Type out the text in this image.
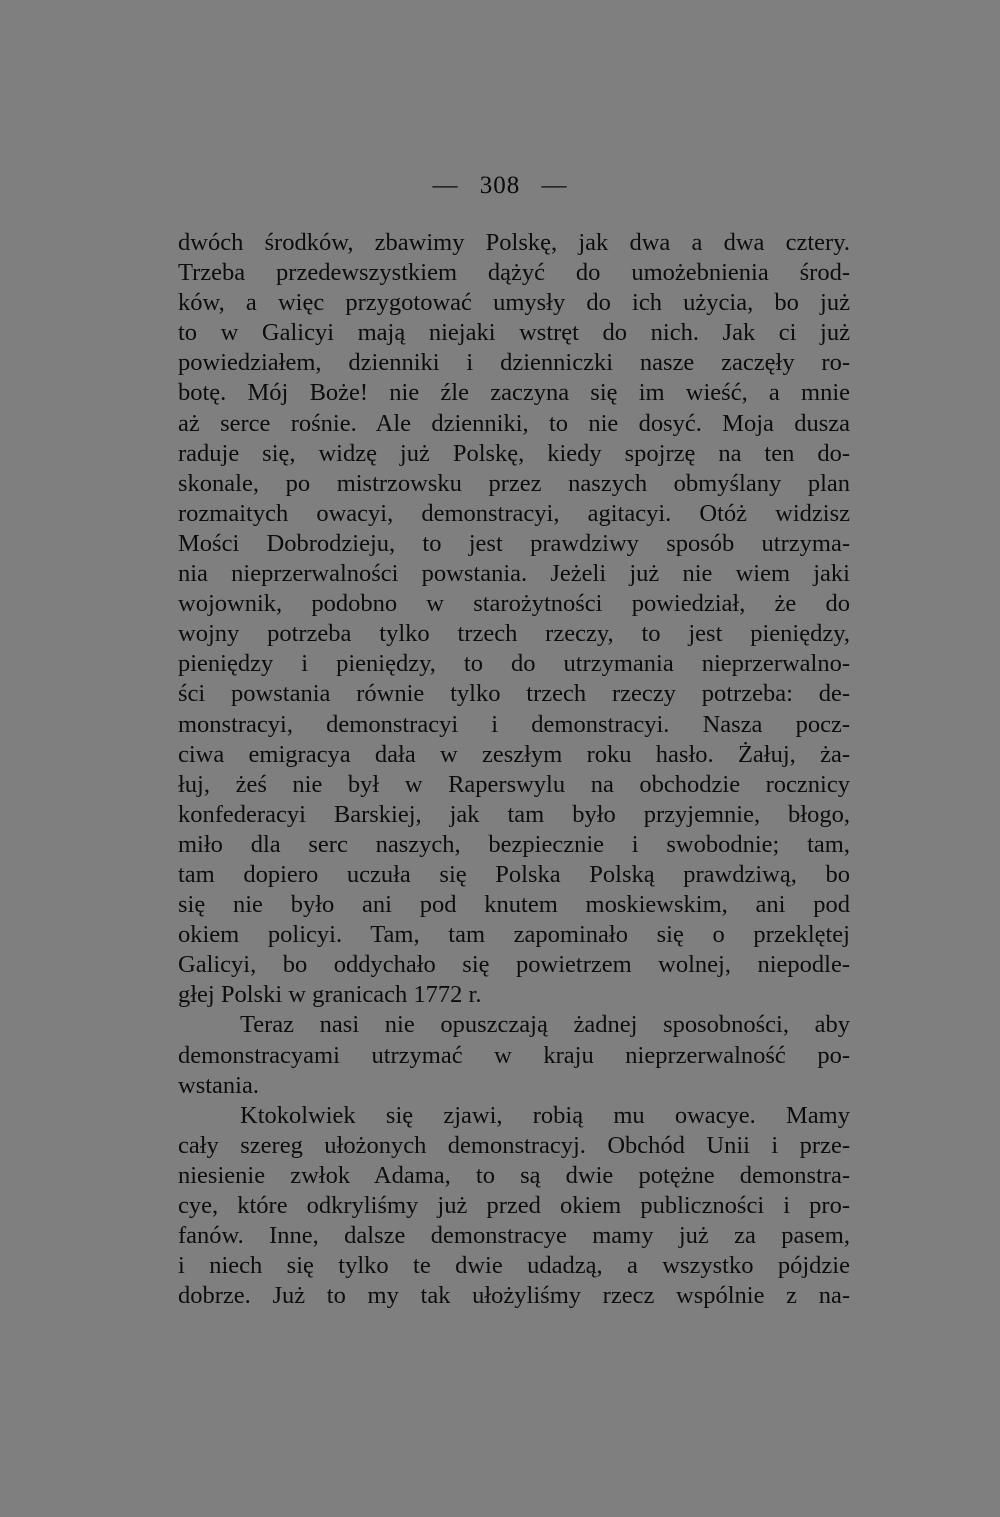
— 308 —
dwóch środków, zbawimy Polskę, jak dwa a dwa cztery.
Trzeba przedewszystkiem dążyć do umożebnienia środ-
ków, a więc przygotować umysły do ich użycia, bo już
to w Galicyi mają niejaki wstręt do nich. Jak ci już
powiedziałem, dzienniki i dzienniczki nasze zaczęły ro-
botę. Mój Boże! nie źle zaczyna się im wieść, a mnie
aż serce rośnie. Ale dzienniki, to nie dosyć. Moja dusza
raduje się, widzę już Polskę, kiedy spojrzę na ten do-
skonale, po mistrzowsku przez naszych obmyślany plan
rozmaitych owacyi, demonstracyi, agitacyi. Otóż widzisz
Mości Dobrodzieju, to jest prawdziwy sposób utrzyma-
nia nieprzerwalności powstania. Jeżeli już nie wiem jaki
wojownik, podobno w starożytności powiedział, że do
wojny potrzeba tylko trzech rzeczy, to jest pieniędzy,
pieniędzy i pieniędzy, to do utrzymania nieprzerwalno-
ści powstania równie tylko trzech rzeczy potrzeba: de-
monstracyi, demonstracyi i demonstracyi. Nasza pocz-
ciwa emigracya dała w zeszłym roku hasło. Żałuj, ża-
łuj, żeś nie był w Raperswylu na obchodzie rocznicy
konfederacyi Barskiej, jak tam było przyjemnie, błogo,
miło dla serc naszych, bezpiecznie i swobodnie; tam,
tam dopiero uczuła się Polska Polską prawdziwą, bo
się nie było ani pod knutem moskiewskim, ani pod
okiem policyi. Tam, tam zapominało się o przeklętej
Galicyi, bo oddychało się powietrzem wolnej, niepodle-
głej Polski w granicach 1772 r.
Teraz nasi nie opuszczają żadnej sposobności, aby
demonstracyami utrzymać w kraju nieprzerwalność po-
wstania.
Ktokolwiek się zjawi, robią mu owacye. Mamy
cały szereg ułożonych demonstracyj. Obchód Unii i prze-
niesienie zwłok Adama, to są dwie potężne demonstra-
cye, które odkryliśmy już przed okiem publiczności i pro-
fanów. Inne, dalsze demonstracye mamy już za pasem,
i niech się tylko te dwie udadzą, a wszystko pójdzie
dobrze. Już to my tak ułożyliśmy rzecz wspólnie z na-
